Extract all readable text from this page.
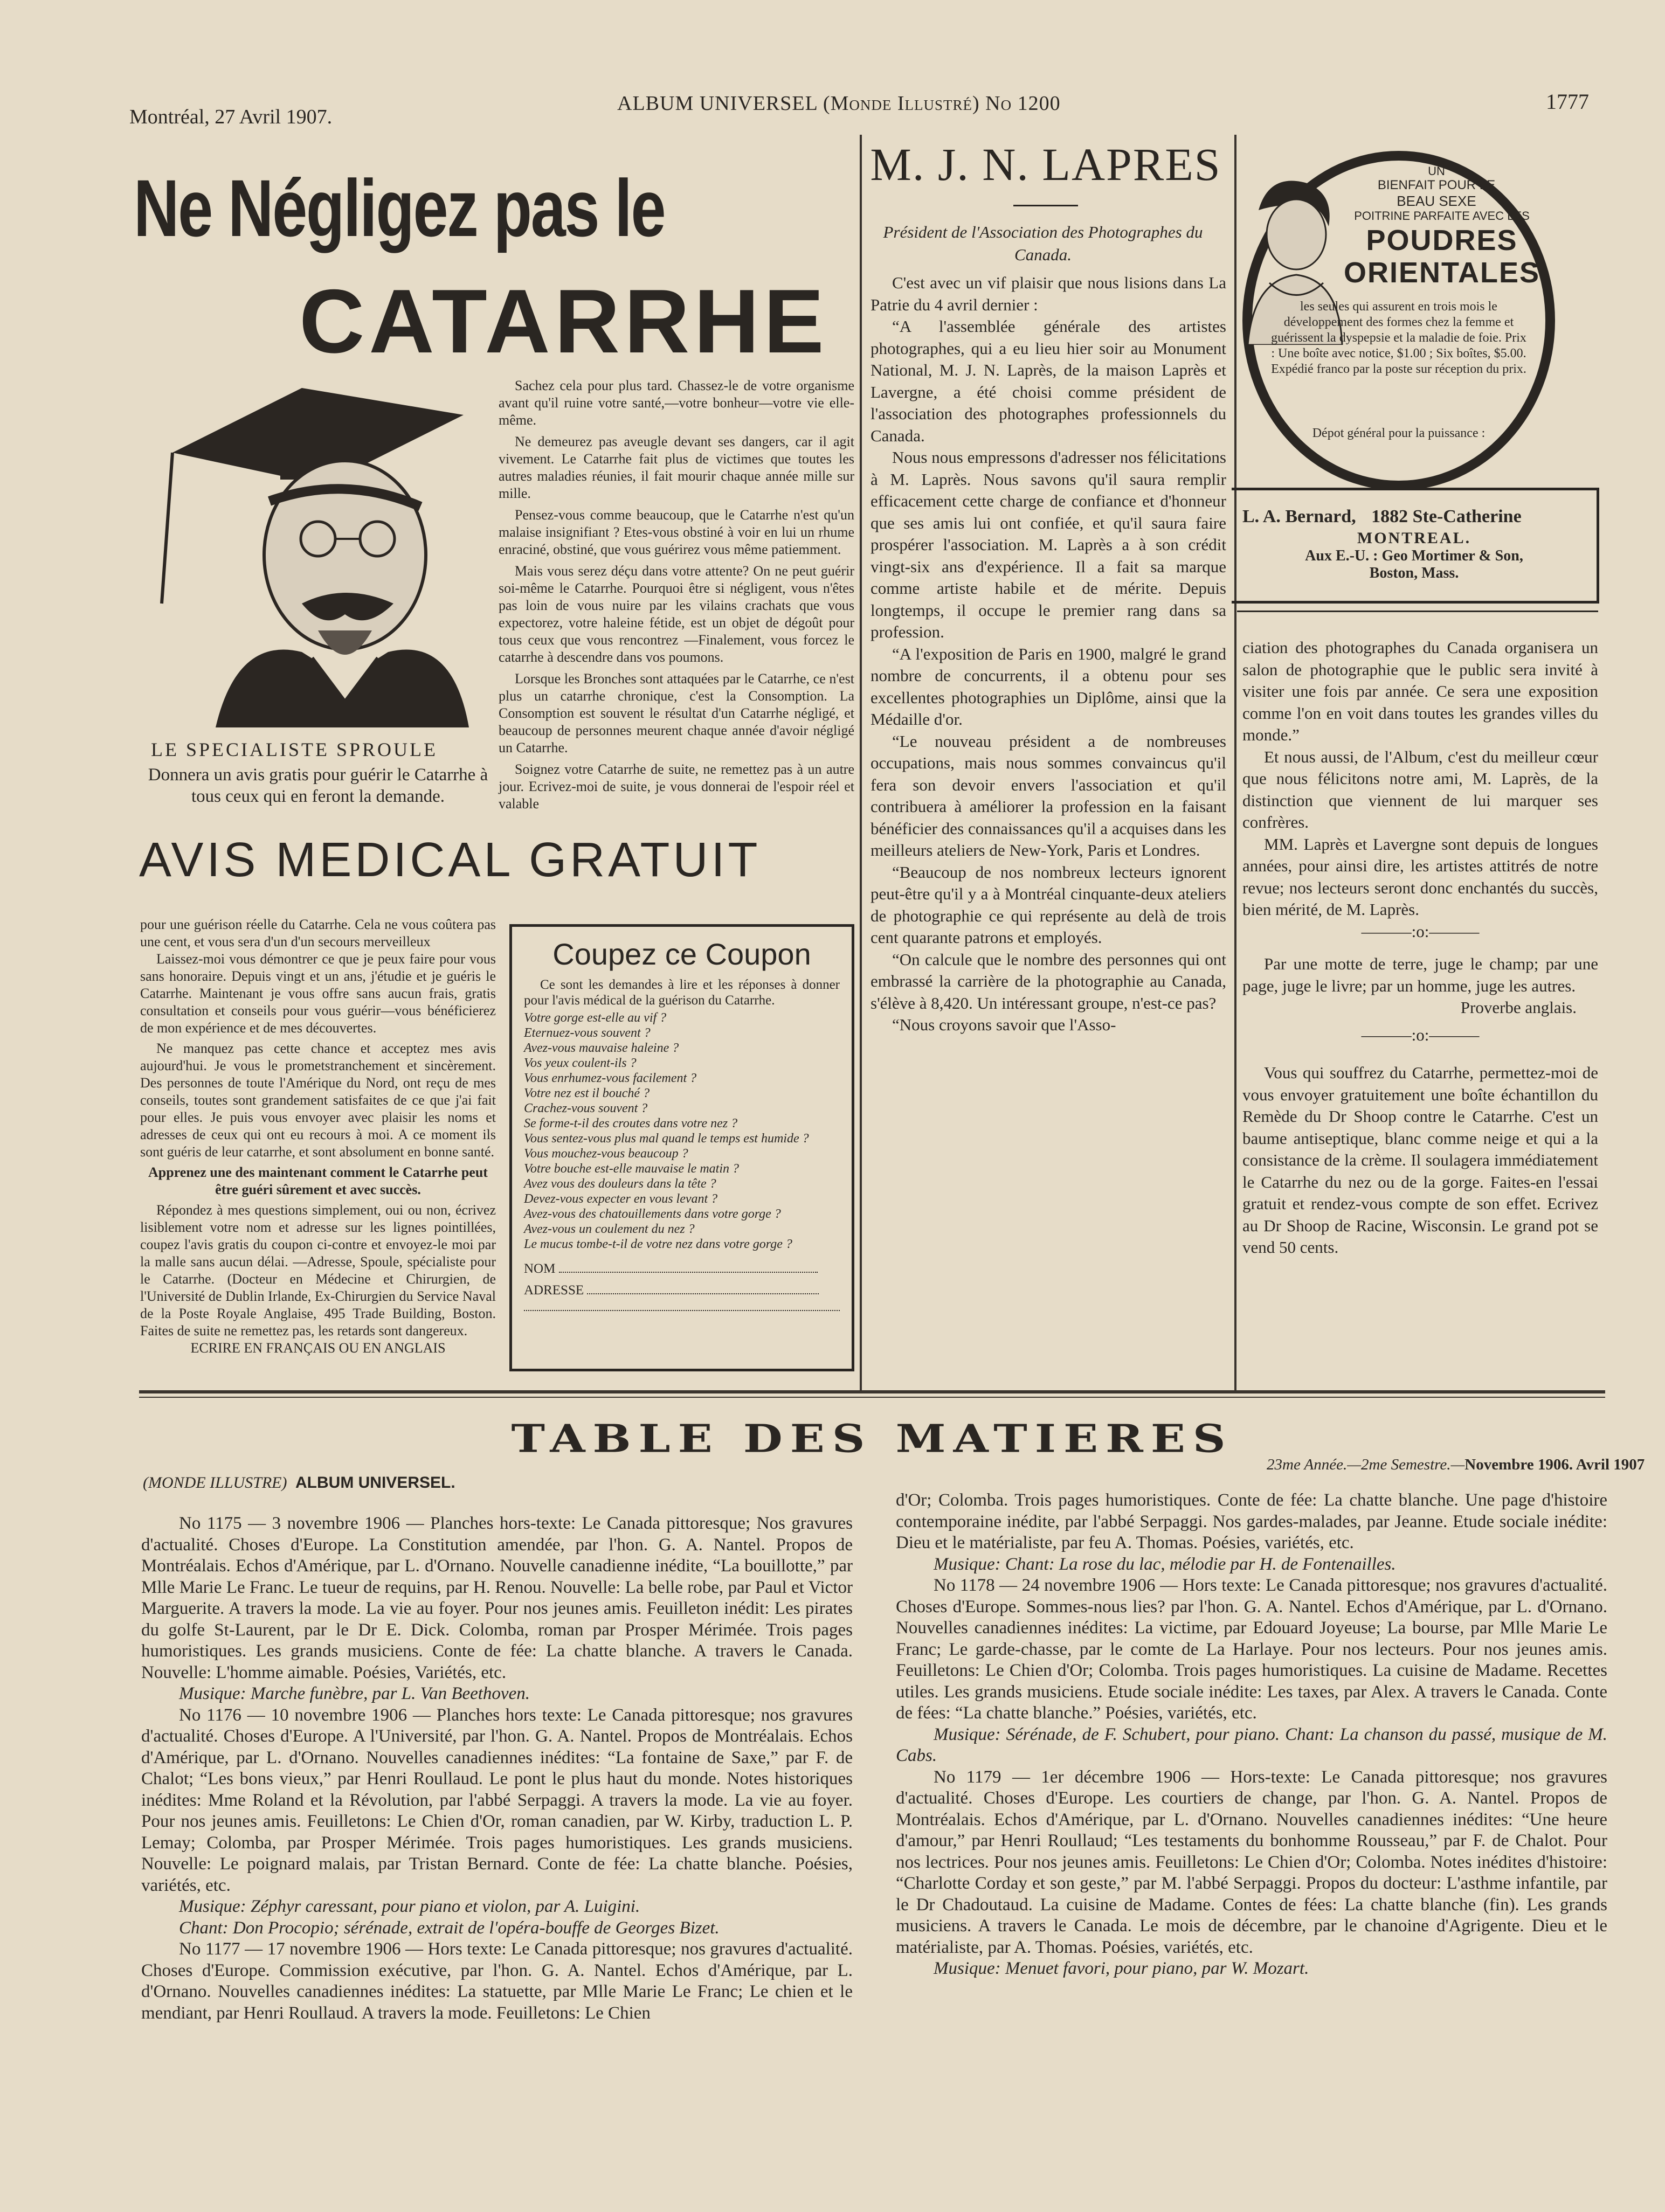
Montréal, 27 Avril 1907.
ALBUM UNIVERSEL (Monde Illustré) No 1200	1777
Ne Négligez pas le
CATARRHE
LE SPECIALISTE SPROULE
Donnera un avis gratis pour guérir le Catarrhe à tous ceux qui en feront la demande.

Sachez cela pour plus tard. Chassez-le de votre organisme avant qu'il ruine votre santé,—votre bonheur—votre vie elle-même.

Ne demeurez pas aveugle devant ses dangers, car il agit vivement. Le Catarrhe fait plus de victimes que toutes les autres maladies réunies, il fait mourir chaque année mille sur mille.

Pensez-vous comme beaucoup, que le Catarrhe n'est qu'un malaise insignifiant ? Etes-vous obstiné à voir en lui un rhume enraciné, obstiné, que vous guérirez vous même patiemment.

Mais vous serez déçu dans votre attente? On ne peut guérir soi-même le Catarrhe. Pourquoi être si négligent, vous n'êtes pas loin de vous nuire par les vilains crachats que vous expectorez, votre haleine fétide, est un objet de dégoût pour tous ceux que vous rencontrez —Finalement, vous forcez le catarrhe à descendre dans vos poumons.

Lorsque les Bronches sont attaquées par le Catarrhe, ce n'est plus un catarrhe chronique, c'est la Consomption. La Consomption est souvent le résultat d'un Catarrhe négligé, et beaucoup de personnes meurent chaque année d'avoir négligé un Catarrhe.

Soignez votre Catarrhe de suite, ne remettez pas à un autre jour. Ecrivez-moi de suite, je vous donnerai de l'espoir réel et valable

AVIS MEDICAL GRATUIT

pour une guérison réelle du Catarrhe. Cela ne vous coûtera pas une cent, et vous sera d'un d'un secours merveilleux

Laissez-moi vous démontrer ce que je peux faire pour vous sans honoraire. Depuis vingt et un ans, j'étudie et je guéris le Catarrhe. Maintenant je vous offre sans aucun frais, gratis consultation et conseils pour vous guérir—vous bénéficierez de mon expérience et de mes découvertes.

Ne manquez pas cette chance et acceptez mes avis aujourd'hui. Je vous le prometstranchement et sincèrement. Des personnes de toute l'Amérique du Nord, ont reçu de mes conseils, toutes sont grandement satisfaites de ce que j'ai fait pour elles. Je puis vous envoyer avec plaisir les noms et adresses de ceux qui ont eu recours à moi. A ce moment ils sont guéris de leur catarrhe, et sont absolument en bonne santé.

Apprenez une des maintenant comment le Catarrhe peut être guéri sûrement et avec succès.

Répondez à mes questions simplement, oui ou non, écrivez lisiblement votre nom et adresse sur les lignes pointillées, coupez l'avis gratis du coupon ci-contre et envoyez-le moi par la malle sans aucun délai. —Adresse, Spoule, spécialiste pour le Catarrhe. (Docteur en Médecine et Chirurgien, de l'Université de Dublin Irlande, Ex-Chirurgien du Service Naval de la Poste Royale Anglaise, 495 Trade Building, Boston. Faites de suite ne remettez pas, les retards sont dangereux.

ECRIRE EN FRANÇAIS OU EN ANGLAIS

Coupez ce Coupon
Ce sont les demandes à lire et les réponses à donner pour l'avis médical de la guérison du Catarrhe.
Votre gorge est-elle au vif ?
Eternuez-vous souvent ?
Avez-vous mauvaise haleine ?
Vos yeux coulent-ils ?
Vous enrhumez-vous facilement ?
Votre nez est il bouché ?
Crachez-vous souvent ?
Se forme-t-il des croutes dans votre nez ?
Vous sentez-vous plus mal quand le temps est humide ?
Vous mouchez-vous beaucoup ?
Votre bouche est-elle mauvaise le matin ?
Avez vous des douleurs dans la tête ?
Devez-vous expecter en vous levant ?
Avez-vous des chatouillements dans votre gorge ?
Avez-vous un coulement du nez ?
Le mucus tombe-t-il de votre nez dans votre gorge ?
NOM
ADRESSE
M. J. N. LAPRES
Président de l'Association des Photographes du Canada.

C'est avec un vif plaisir que nous lisions dans La Patrie du 4 avril dernier :

“A l'assemblée générale des artistes photographes, qui a eu lieu hier soir au Monument National, M. J. N. Laprès, de la maison Laprès et Lavergne, a été choisi comme président de l'association des photographes professionnels du Canada.

Nous nous empressons d'adresser nos félicitations à M. Laprès. Nous savons qu'il saura remplir efficacement cette charge de confiance et d'honneur que ses amis lui ont confiée, et qu'il saura faire prospérer l'association. M. Laprès a à son crédit vingt-six ans d'expérience. Il a fait sa marque comme artiste habile et de mérite. Depuis longtemps, il occupe le premier rang dans sa profession.

“A l'exposition de Paris en 1900, malgré le grand nombre de concurrents, il a obtenu pour ses excellentes photographies un Diplôme, ainsi que la Médaille d'or.

“Le nouveau président a de nombreuses occupations, mais nous sommes convaincus qu'il fera son devoir envers l'association et qu'il contribuera à améliorer la profession en la faisant bénéficier des connaissances qu'il a acquises dans les meilleurs ateliers de New-York, Paris et Londres.

“Beaucoup de nos nombreux lecteurs ignorent peut-être qu'il y a à Montréal cinquante-deux ateliers de photographie ce qui représente au delà de trois cent quarante patrons et employés.

“On calcule que le nombre des personnes qui ont embrassé la carrière de la photographie au Canada, s'élève à 8,420. Un intéressant groupe, n'est-ce pas?

“Nous croyons savoir que l'Asso-

UN
BIENFAIT POUR LE
BEAU SEXE
POITRINE PARFAITE AVEC LES
POUDRES
ORIENTALES
les seules qui assurent en trois mois le développement des formes chez la femme et guérissent la dyspepsie et la maladie de foie. Prix : Une boîte avec notice, $1.00 ; Six boîtes, $5.00. Expédié franco par la poste sur réception du prix.
Dépot général pour la puissance :
L. A. Bernard, 1882 Ste-Catherine
MONTREAL.
Aux E.-U. : Geo Mortimer & Son,
Boston, Mass.

ciation des photographes du Canada organisera un salon de photographie que le public sera invité à visiter une fois par année. Ce sera une exposition comme l'on en voit dans toutes les grandes villes du monde.”

Et nous aussi, de l'Album, c'est du meilleur cœur que nous félicitons notre ami, M. Laprès, de la distinction que viennent de lui marquer ses confrères.

MM. Laprès et Lavergne sont depuis de longues années, pour ainsi dire, les artistes attitrés de notre revue; nos lecteurs seront donc enchantés du succès, bien mérité, de M. Laprès.

———:o:———

Par une motte de terre, juge le champ; par une page, juge le livre; par un homme, juge les autres.

Proverbe anglais.

———:o:———

Vous qui souffrez du Catarrhe, permettez-moi de vous envoyer gratuitement une boîte échantillon du Remède du Dr Shoop contre le Catarrhe. C'est un baume antiseptique, blanc comme neige et qui a la consistance de la crème. Il soulagera immédiatement le Catarrhe du nez ou de la gorge. Faites-en l'essai gratuit et rendez-vous compte de son effet. Ecrivez au Dr Shoop de Racine, Wisconsin. Le grand pot se vend 50 cents.

TABLE DES MATIERES
(MONDE ILLUSTRE) ALBUM UNIVERSEL.
23me Année.—2me Semestre.—Novembre 1906. Avril 1907

No 1175 — 3 novembre 1906 — Planches hors-texte: Le Canada pittoresque; Nos gravures d'actualité. Choses d'Europe. La Constitution amendée, par l'hon. G. A. Nantel. Propos de Montréalais. Echos d'Amérique, par L. d'Ornano. Nouvelle canadienne inédite, “La bouillotte,” par Mlle Marie Le Franc. Le tueur de requins, par H. Renou. Nouvelle: La belle robe, par Paul et Victor Marguerite. A travers la mode. La vie au foyer. Pour nos jeunes amis. Feuilleton inédit: Les pirates du golfe St-Laurent, par le Dr E. Dick. Colomba, roman par Prosper Mérimée. Trois pages humoristiques. Les grands musiciens. Conte de fée: La chatte blanche. A travers le Canada. Nouvelle: L'homme aimable. Poésies, Variétés, etc.

Musique: Marche funèbre, par L. Van Beethoven.

No 1176 — 10 novembre 1906 — Planches hors texte: Le Canada pittoresque; nos gravures d'actualité. Choses d'Europe. A l'Université, par l'hon. G. A. Nantel. Propos de Montréalais. Echos d'Amérique, par L. d'Ornano. Nouvelles canadiennes inédites: “La fontaine de Saxe,” par F. de Chalot; “Les bons vieux,” par Henri Roullaud. Le pont le plus haut du monde. Notes historiques inédites: Mme Roland et la Révolution, par l'abbé Serpaggi. A travers la mode. La vie au foyer. Pour nos jeunes amis. Feuilletons: Le Chien d'Or, roman canadien, par W. Kirby, traduction L. P. Lemay; Colomba, par Prosper Mérimée. Trois pages humoristiques. Les grands musiciens. Nouvelle: Le poignard malais, par Tristan Bernard. Conte de fée: La chatte blanche. Poésies, variétés, etc.

Musique: Zéphyr caressant, pour piano et violon, par A. Luigini.

Chant: Don Procopio; sérénade, extrait de l'opéra-bouffe de Georges Bizet.

No 1177 — 17 novembre 1906 — Hors texte: Le Canada pittoresque; nos gravures d'actualité. Choses d'Europe. Commission exécutive, par l'hon. G. A. Nantel. Echos d'Amérique, par L. d'Ornano. Nouvelles canadiennes inédites: La statuette, par Mlle Marie Le Franc; Le chien et le mendiant, par Henri Roullaud. A travers la mode. Feuilletons: Le Chien

d'Or; Colomba. Trois pages humoristiques. Conte de fée: La chatte blanche. Une page d'histoire contemporaine inédite, par l'abbé Serpaggi. Nos gardes-malades, par Jeanne. Etude sociale inédite: Dieu et le matérialiste, par feu A. Thomas. Poésies, variétés, etc.

Musique: Chant: La rose du lac, mélodie par H. de Fontenailles.

No 1178 — 24 novembre 1906 — Hors texte: Le Canada pittoresque; nos gravures d'actualité. Choses d'Europe. Sommes-nous lies? par l'hon. G. A. Nantel. Echos d'Amérique, par L. d'Ornano. Nouvelles canadiennes inédites: La victime, par Edouard Joyeuse; La bourse, par Mlle Marie Le Franc; Le garde-chasse, par le comte de La Harlaye. Pour nos lecteurs. Pour nos jeunes amis. Feuilletons: Le Chien d'Or; Colomba. Trois pages humoristiques. La cuisine de Madame. Recettes utiles. Les grands musiciens. Etude sociale inédite: Les taxes, par Alex. A travers le Canada. Conte de fées: “La chatte blanche.” Poésies, variétés, etc.

Musique: Sérénade, de F. Schubert, pour piano. Chant: La chanson du passé, musique de M. Cabs.

No 1179 — 1er décembre 1906 — Hors-texte: Le Canada pittoresque; nos gravures d'actualité. Choses d'Europe. Les courtiers de change, par l'hon. G. A. Nantel. Propos de Montréalais. Echos d'Amérique, par L. d'Ornano. Nouvelles canadiennes inédites: “Une heure d'amour,” par Henri Roullaud; “Les testaments du bonhomme Rousseau,” par F. de Chalot. Pour nos lectrices. Pour nos jeunes amis. Feuilletons: Le Chien d'Or; Colomba. Notes inédites d'histoire: “Charlotte Corday et son geste,” par M. l'abbé Serpaggi. Propos du docteur: L'asthme infantile, par le Dr Chadoutaud. La cuisine de Madame. Contes de fées: La chatte blanche (fin). Les grands musiciens. A travers le Canada. Le mois de décembre, par le chanoine d'Agrigente. Dieu et le matérialiste, par A. Thomas. Poésies, variétés, etc.

Musique: Menuet favori, pour piano, par W. Mozart.
